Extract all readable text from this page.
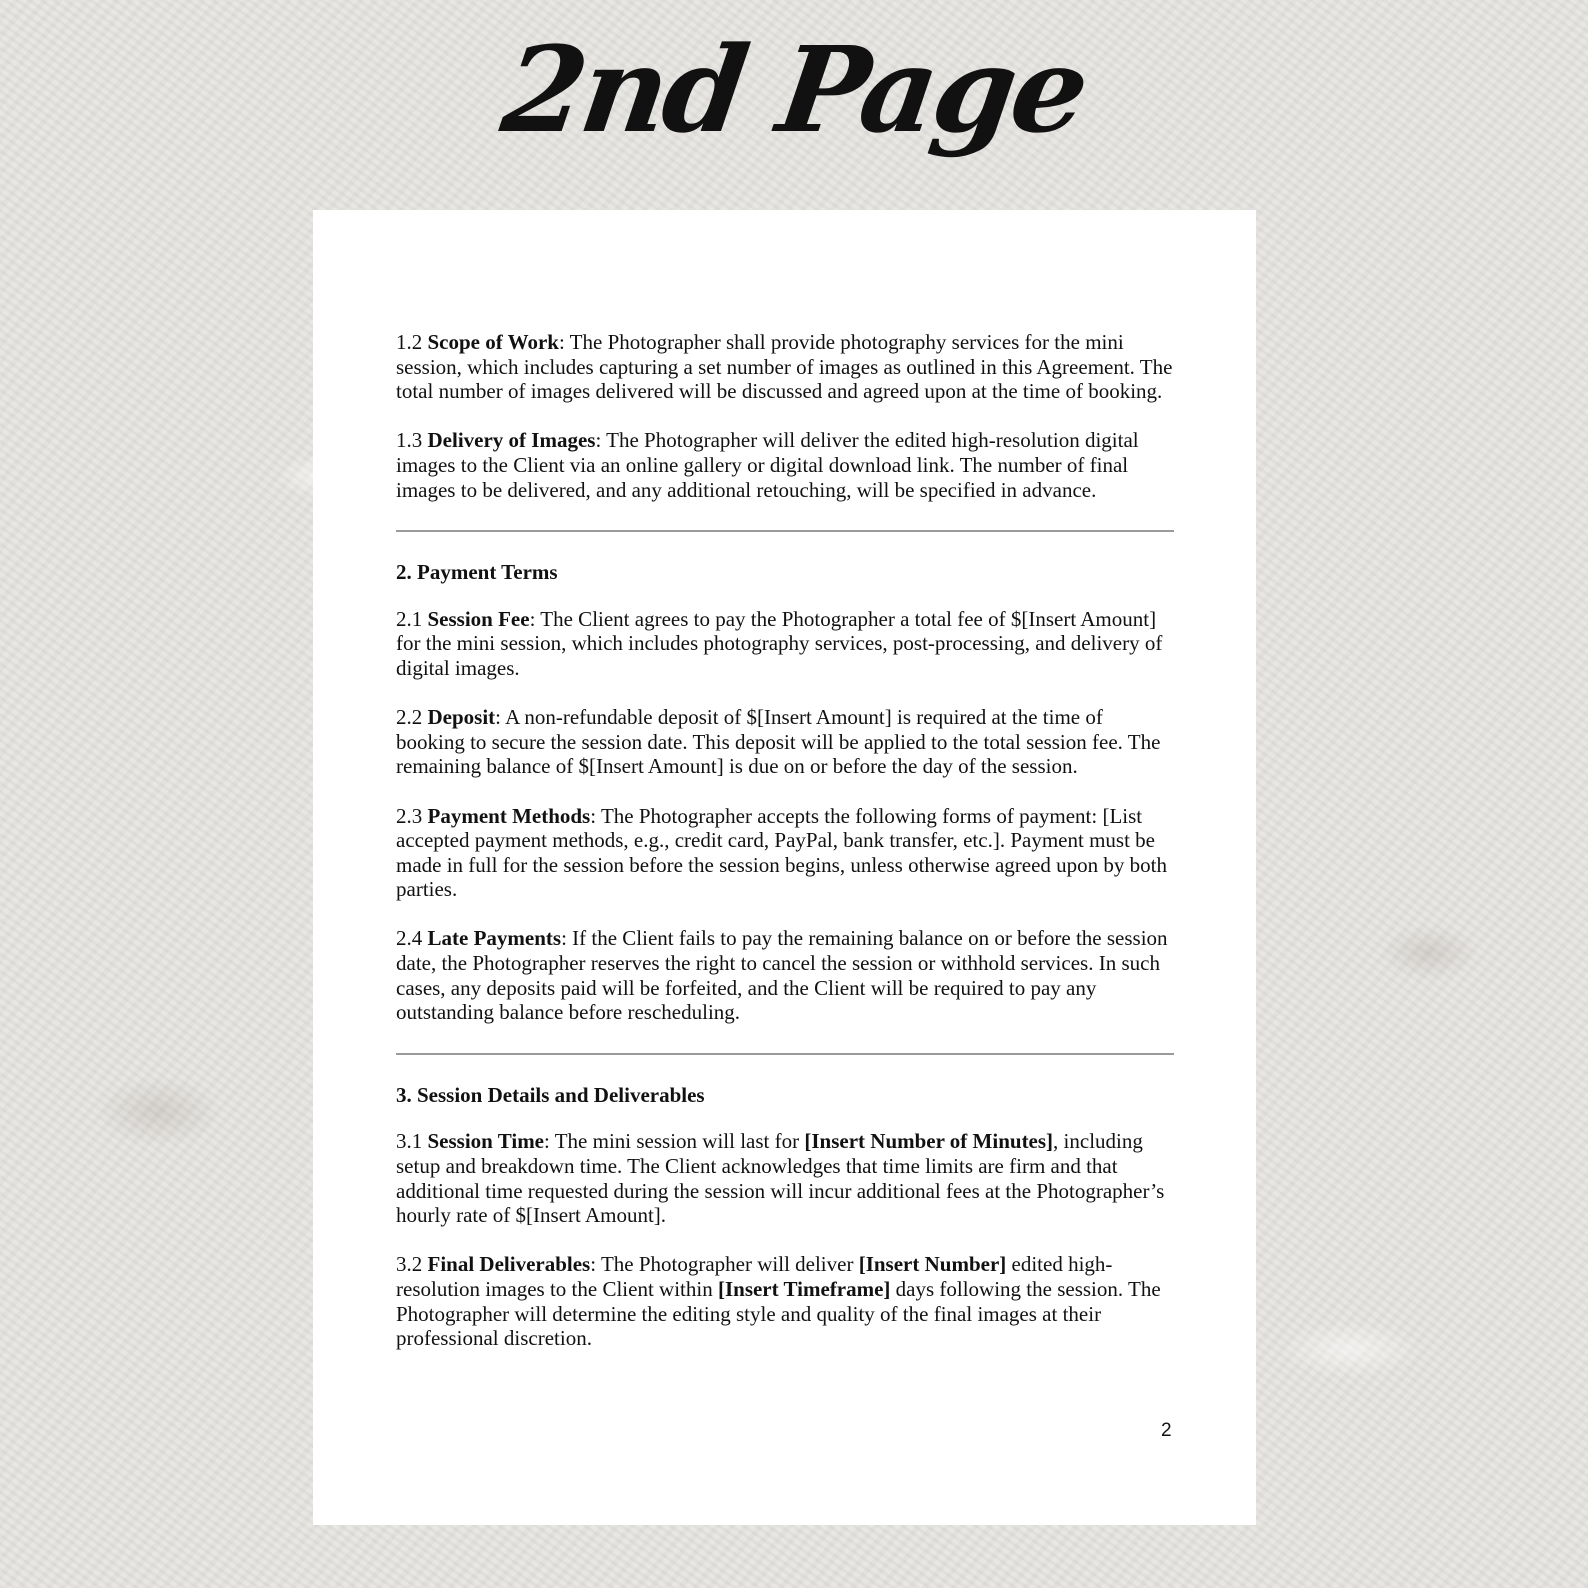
2nd Page

1.2 Scope of Work: The Photographer shall provide photography services for the mini session, which includes capturing a set number of images as outlined in this Agreement. The total number of images delivered will be discussed and agreed upon at the time of booking.

1.3 Delivery of Images: The Photographer will deliver the edited high-resolution digital images to the Client via an online gallery or digital download link. The number of final images to be delivered, and any additional retouching, will be specified in advance.

2. Payment Terms

2.1 Session Fee: The Client agrees to pay the Photographer a total fee of $[Insert Amount] for the mini session, which includes photography services, post-processing, and delivery of digital images.

2.2 Deposit: A non-refundable deposit of $[Insert Amount] is required at the time of booking to secure the session date. This deposit will be applied to the total session fee. The remaining balance of $[Insert Amount] is due on or before the day of the session.

2.3 Payment Methods: The Photographer accepts the following forms of payment: [List accepted payment methods, e.g., credit card, PayPal, bank transfer, etc.]. Payment must be made in full for the session before the session begins, unless otherwise agreed upon by both parties.

2.4 Late Payments: If the Client fails to pay the remaining balance on or before the session date, the Photographer reserves the right to cancel the session or withhold services. In such cases, any deposits paid will be forfeited, and the Client will be required to pay any outstanding balance before rescheduling.

3. Session Details and Deliverables

3.1 Session Time: The mini session will last for [Insert Number of Minutes], including setup and breakdown time. The Client acknowledges that time limits are firm and that additional time requested during the session will incur additional fees at the Photographer’s hourly rate of $[Insert Amount].

3.2 Final Deliverables: The Photographer will deliver [Insert Number] edited high-resolution images to the Client within [Insert Timeframe] days following the session. The Photographer will determine the editing style and quality of the final images at their professional discretion.

2
